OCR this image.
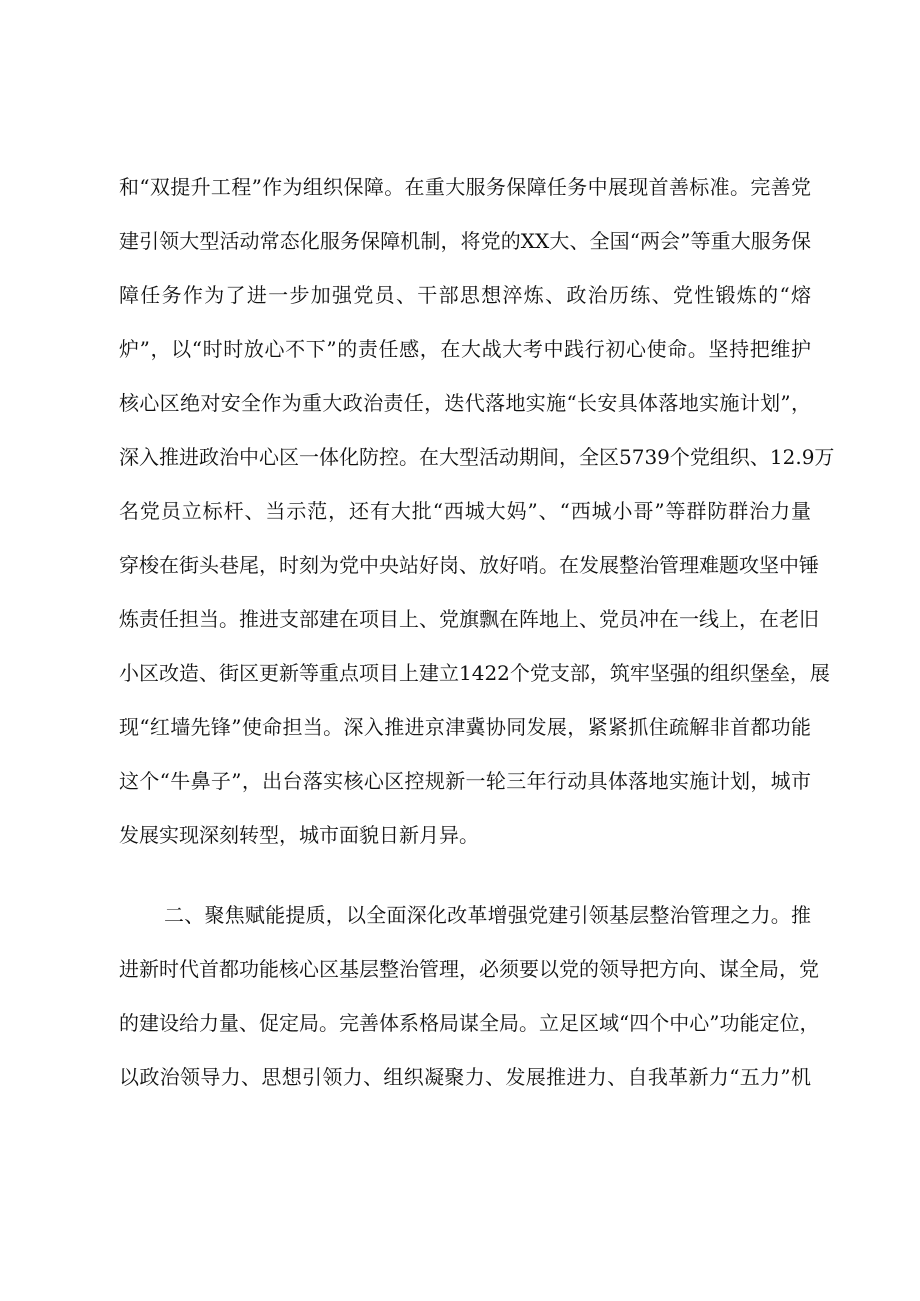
和“双提升工程”作为组织保障。在重大服务保障任务中展现首善标准。完善党
建引领大型活动常态化服务保障机制，将党的XX大、全国“两会”等重大服务保
障任务作为了进一步加强党员、干部思想淬炼、政治历练、党性锻炼的“熔
炉”，以“时时放心不下”的责任感，在大战大考中践行初心使命。坚持把维护
核心区绝对安全作为重大政治责任，迭代落地实施“长安具体落地实施计划”，
深入推进政治中心区一体化防控。在大型活动期间，全区5739个党组织、12.9万
名党员立标杆、当示范，还有大批“西城大妈”、“西城小哥”等群防群治力量
穿梭在街头巷尾，时刻为党中央站好岗、放好哨。在发展整治管理难题攻坚中锤
炼责任担当。推进支部建在项目上、党旗飘在阵地上、党员冲在一线上，在老旧
小区改造、街区更新等重点项目上建立1422个党支部，筑牢坚强的组织堡垒，展
现“红墙先锋”使命担当。深入推进京津冀协同发展，紧紧抓住疏解非首都功能
这个“牛鼻子”，出台落实核心区控规新一轮三年行动具体落地实施计划，城市
发展实现深刻转型，城市面貌日新月异。
二、聚焦赋能提质，以全面深化改革增强党建引领基层整治管理之力。推
进新时代首都功能核心区基层整治管理，必须要以党的领导把方向、谋全局，党
的建设给力量、促定局。完善体系格局谋全局。立足区域“四个中心”功能定位，
以政治领导力、思想引领力、组织凝聚力、发展推进力、自我革新力“五力”机
